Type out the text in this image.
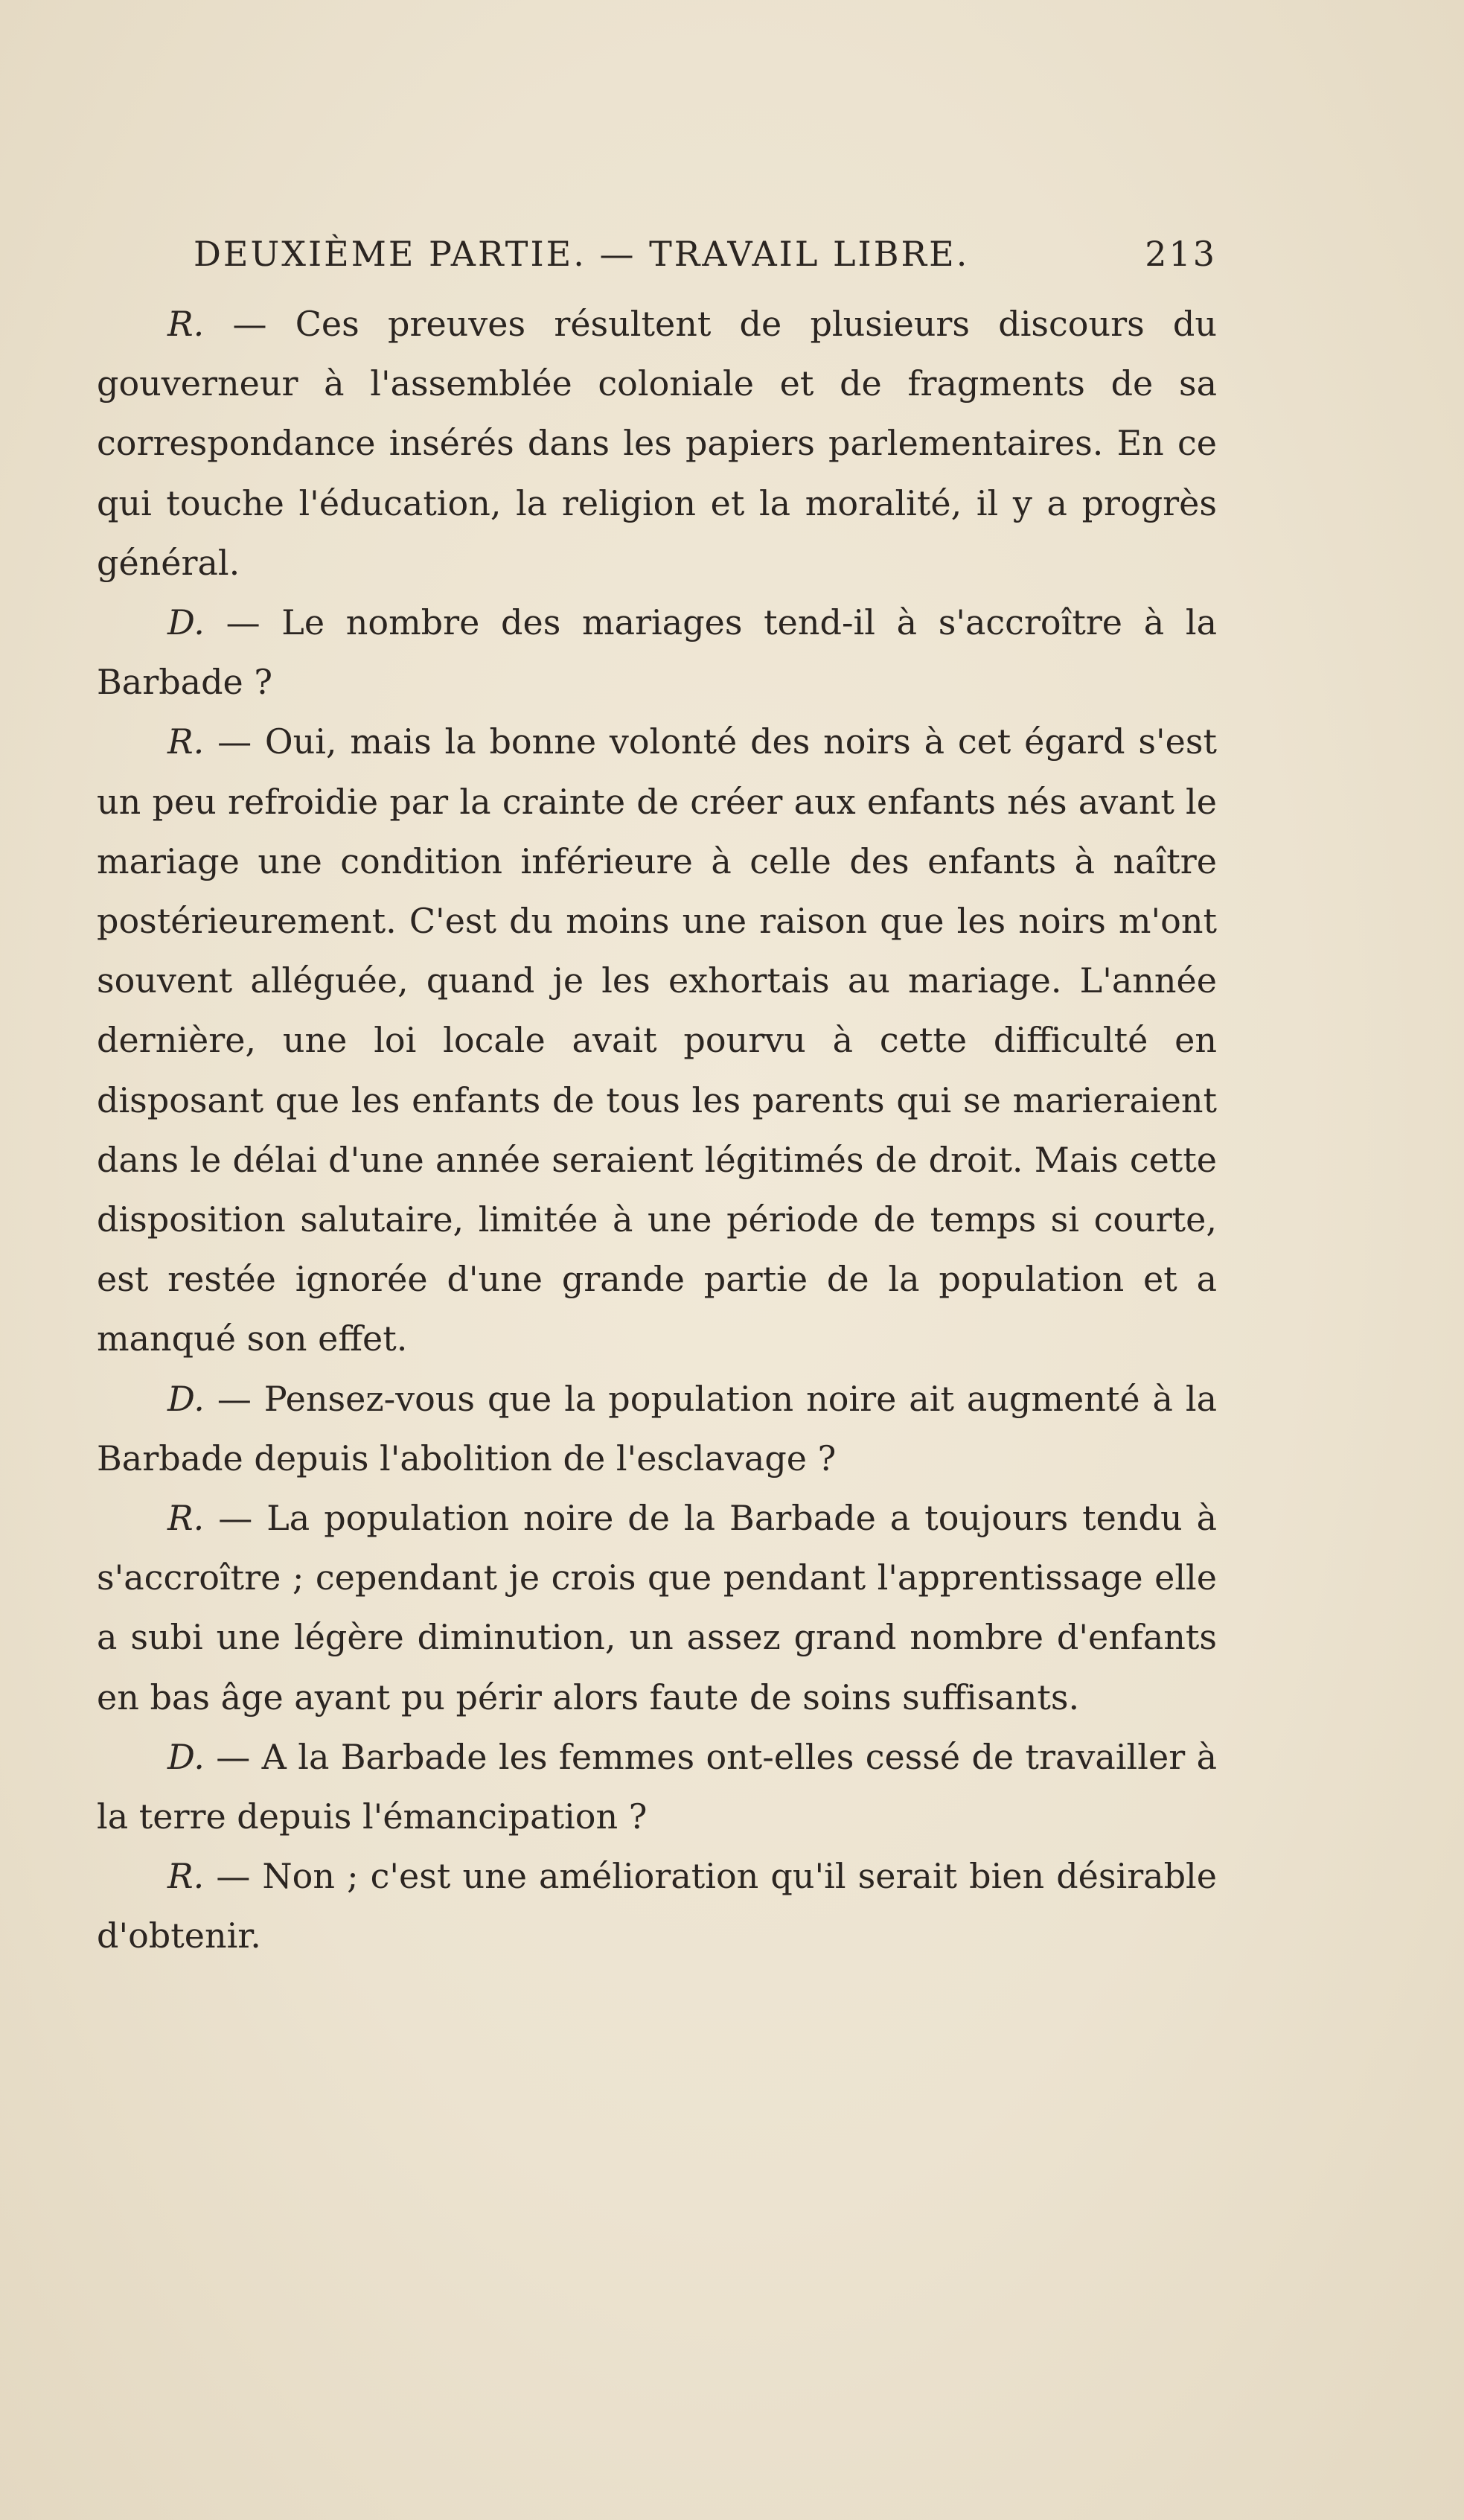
DEUXIÈME PARTIE. — TRAVAIL LIBRE.	213

R. — Ces preuves résultent de plusieurs discours du gouverneur à l'assemblée coloniale et de fragments de sa correspondance insérés dans les papiers parlementaires. En ce qui touche l'éducation, la religion et la moralité, il y a progrès général.

D. — Le nombre des mariages tend-il à s'accroître à la Barbade ?

R. — Oui, mais la bonne volonté des noirs à cet égard s'est un peu refroidie par la crainte de créer aux enfants nés avant le mariage une condition inférieure à celle des enfants à naître postérieurement. C'est du moins une raison que les noirs m'ont souvent alléguée, quand je les exhortais au mariage. L'année dernière, une loi locale avait pourvu à cette difficulté en disposant que les enfants de tous les parents qui se marieraient dans le délai d'une année seraient légitimés de droit. Mais cette disposition salutaire, limitée à une période de temps si courte, est restée ignorée d'une grande partie de la population et a manqué son effet.

D. — Pensez-vous que la population noire ait augmenté à la Barbade depuis l'abolition de l'esclavage ?

R. — La population noire de la Barbade a toujours tendu à s'accroître ; cependant je crois que pendant l'apprentissage elle a subi une légère diminution, un assez grand nombre d'enfants en bas âge ayant pu périr alors faute de soins suffisants.

D. — A la Barbade les femmes ont-elles cessé de travailler à la terre depuis l'émancipation ?

R. — Non ; c'est une amélioration qu'il serait bien désirable d'obtenir.
